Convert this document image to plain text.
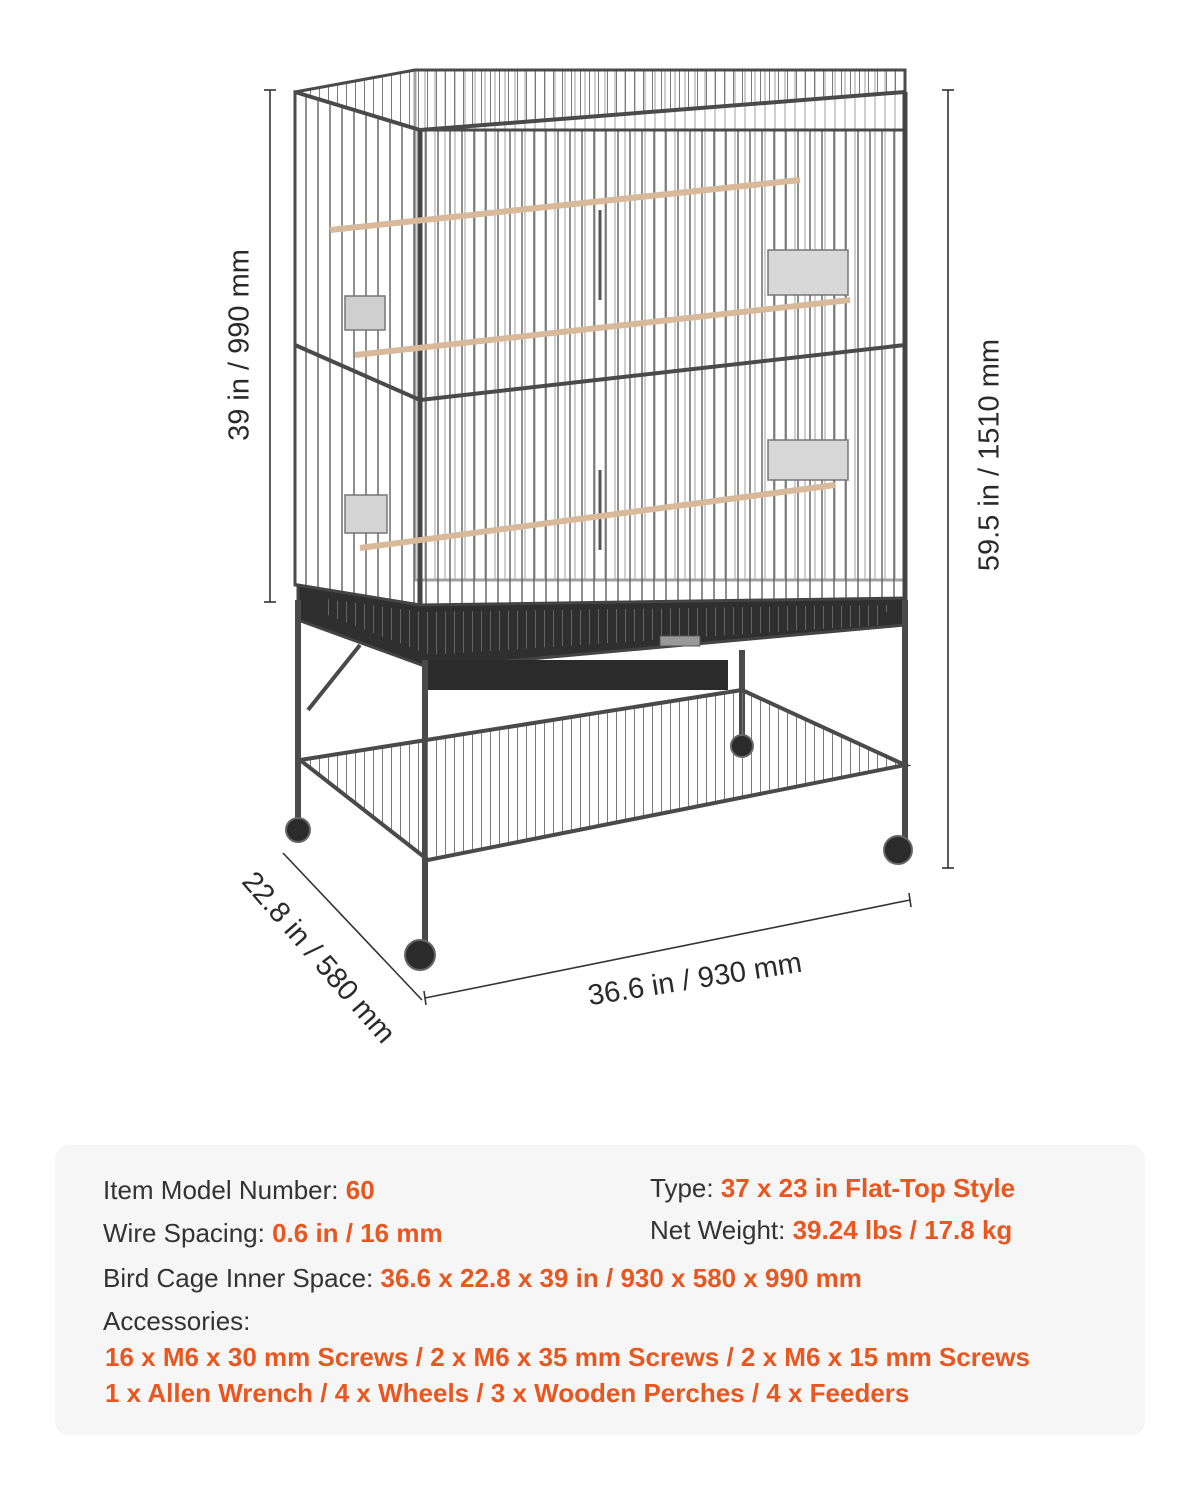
39 in / 990 mm	59.5 in / 1510 mm
36.6 in / 930 mm
22.8 in / 580 mm
Item Model Number: 60	Type: 37 x 23 in Flat-Top Style
Wire Spacing: 0.6 in / 16 mm	Net Weight: 39.24 lbs / 17.8 kg
Bird Cage Inner Space: 36.6 x 22.8 x 39 in / 930 x 580 x 990 mm
Accessories:
16 x M6 x 30 mm Screws / 2 x M6 x 35 mm Screws / 2 x M6 x 15 mm Screws
1 x Allen Wrench / 4 x Wheels / 3 x Wooden Perches / 4 x Feeders
